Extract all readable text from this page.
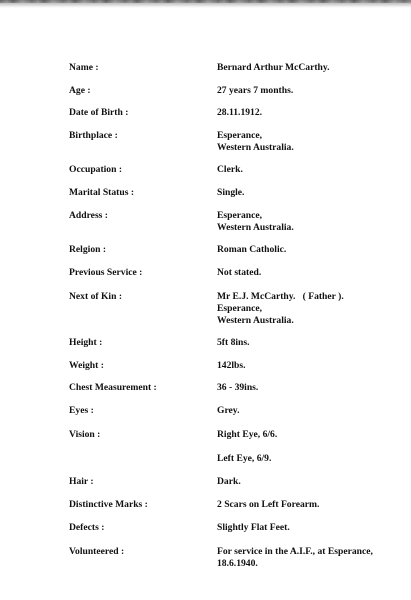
Name :	Bernard Arthur McCarthy.
Age :	27 years 7 months.
Date of Birth :	28.11.1912.
Birthplace :	Esperance,
Western Australia.
Occupation :	Clerk.
Marital Status :	Single.
Address :	Esperance,
Western Australia.
Relgion :	Roman Catholic.
Previous Service :	Not stated.
Next of Kin :	Mr E.J. McCarthy.   ( Father ).
Esperance,
Western Australia.
Height :	5ft 8ins.
Weight :	142lbs.
Chest Measurement :	36 - 39ins.
Eyes :	Grey.
Vision :	Right Eye, 6/6.
Left Eye, 6/9.
Hair :	Dark.
Distinctive Marks :	2 Scars on Left Forearm.
Defects :	Slightly Flat Feet.
Volunteered :	For service in the A.I.F., at Esperance,
18.6.1940.
